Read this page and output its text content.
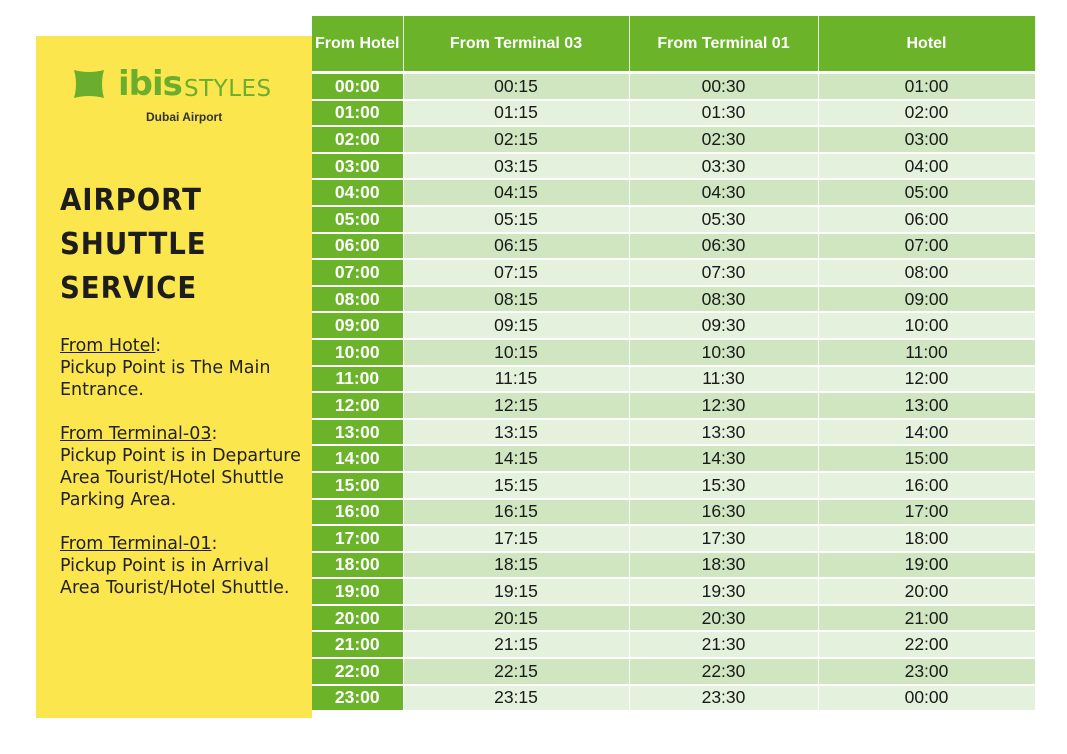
ibis STYLES
Dubai Airport
AIRPORT
SHUTTLE
SERVICE
From Hotel:
Pickup Point is The Main Entrance.
From Terminal-03:
Pickup Point is in Departure Area Tourist/Hotel Shuttle Parking Area.
From Terminal-01:
Pickup Point is in Arrival Area Tourist/Hotel Shuttle.
From Hotel	From Terminal 03	From Terminal 01	Hotel
00:00	00:15	00:30	01:00
01:00	01:15	01:30	02:00
02:00	02:15	02:30	03:00
03:00	03:15	03:30	04:00
04:00	04:15	04:30	05:00
05:00	05:15	05:30	06:00
06:00	06:15	06:30	07:00
07:00	07:15	07:30	08:00
08:00	08:15	08:30	09:00
09:00	09:15	09:30	10:00
10:00	10:15	10:30	11:00
11:00	11:15	11:30	12:00
12:00	12:15	12:30	13:00
13:00	13:15	13:30	14:00
14:00	14:15	14:30	15:00
15:00	15:15	15:30	16:00
16:00	16:15	16:30	17:00
17:00	17:15	17:30	18:00
18:00	18:15	18:30	19:00
19:00	19:15	19:30	20:00
20:00	20:15	20:30	21:00
21:00	21:15	21:30	22:00
22:00	22:15	22:30	23:00
23:00	23:15	23:30	00:00
